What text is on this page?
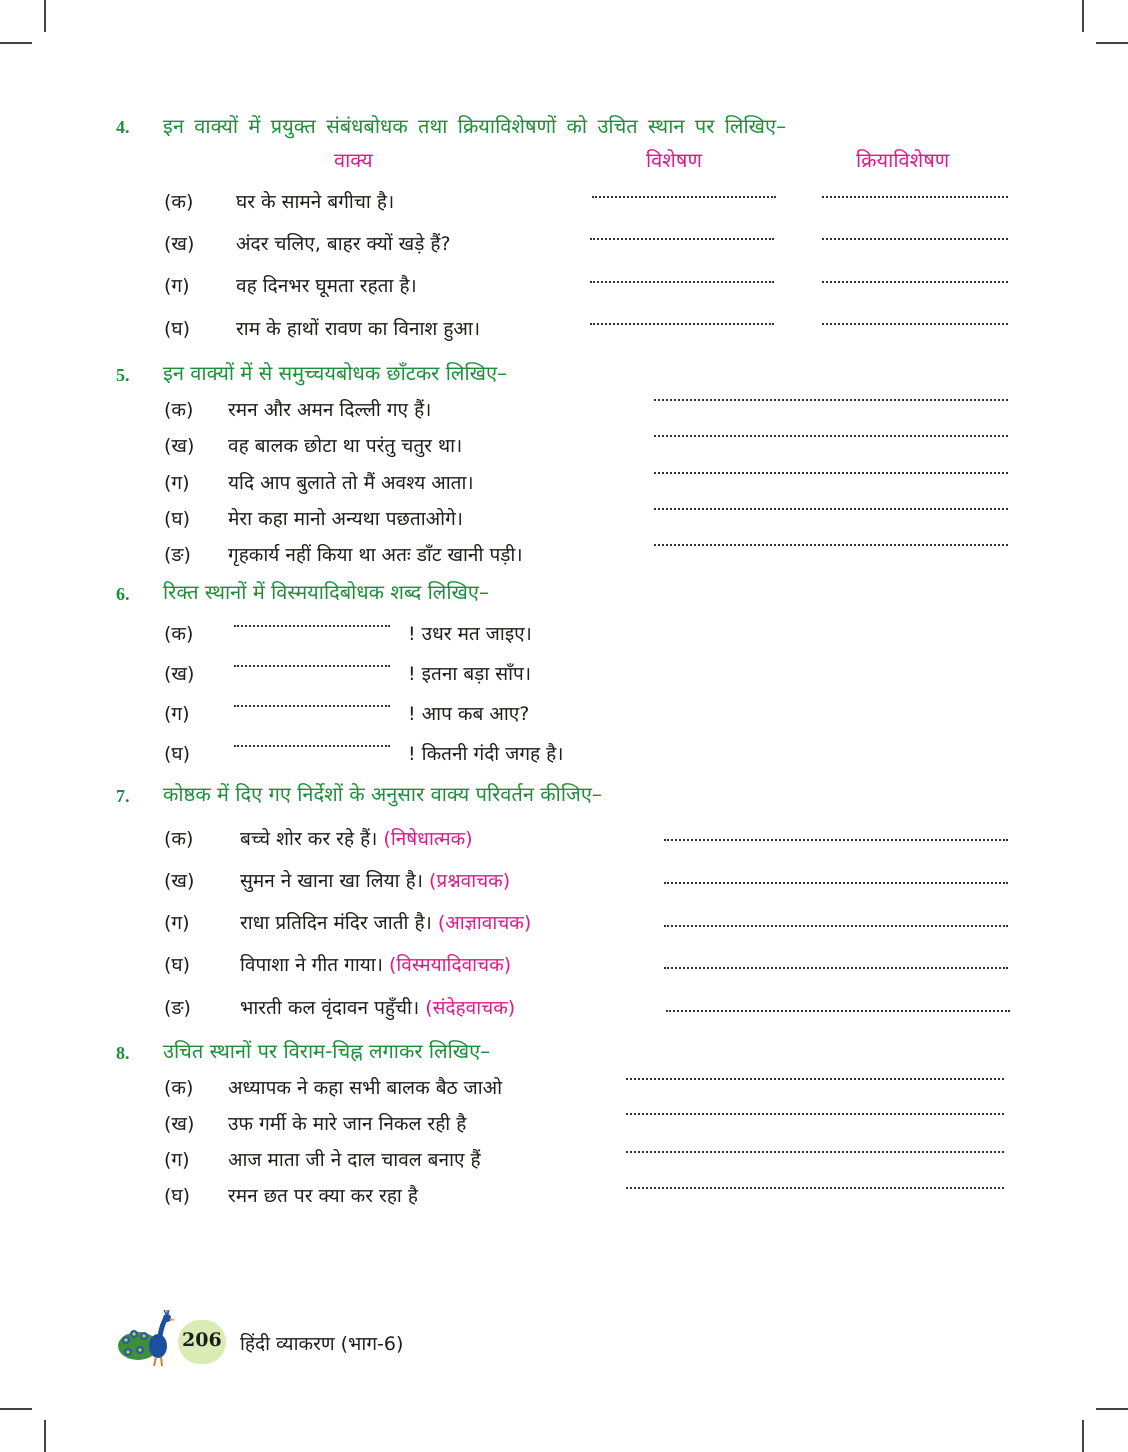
4. इन वाक्यों में प्रयुक्त संबंधबोधक तथा क्रियाविशेषणों को उचित स्थान पर लिखिए–
वाक्य	विशेषण	क्रियाविशेषण
(क) घर के सामने बगीचा है।
(ख) अंदर चलिए, बाहर क्यों खड़े हैं?
(ग) वह दिनभर घूमता रहता है।
(घ) राम के हाथों रावण का विनाश हुआ।
5. इन वाक्यों में से समुच्चयबोधक छाँटकर लिखिए–
(क) रमन और अमन दिल्ली गए हैं।
(ख) वह बालक छोटा था परंतु चतुर था।
(ग) यदि आप बुलाते तो मैं अवश्य आता।
(घ) मेरा कहा मानो अन्यथा पछताओगे।
(ङ) गृहकार्य नहीं किया था अतः डाँट खानी पड़ी।
6. रिक्त स्थानों में विस्मयादिबोधक शब्द लिखिए–
(क)	! उधर मत जाइए।
(ख)	! इतना बड़ा साँप।
(ग)	! आप कब आए?
(घ)	! कितनी गंदी जगह है।
7. कोष्ठक में दिए गए निर्देशों के अनुसार वाक्य परिवर्तन कीजिए–
(क) बच्चे शोर कर रहे हैं। (निषेधात्मक)
(ख) सुमन ने खाना खा लिया है। (प्रश्नवाचक)
(ग)	राधा प्रतिदिन मंदिर जाती है। (आज्ञावाचक)
(घ)	विपाशा ने गीत गाया। (विस्मयादिवाचक)
(ङ)	भारती कल वृंदावन पहुँची। (संदेहवाचक)
8. उचित स्थानों पर विराम-चिह्न लगाकर लिखिए–
(क) अध्यापक ने कहा सभी बालक बैठ जाओ
(ख) उफ गर्मी के मारे जान निकल रही है
(ग) आज माता जी ने दाल चावल बनाए हैं
(घ) रमन छत पर क्या कर रहा है
206 हिंदी व्याकरण (भाग-6)
